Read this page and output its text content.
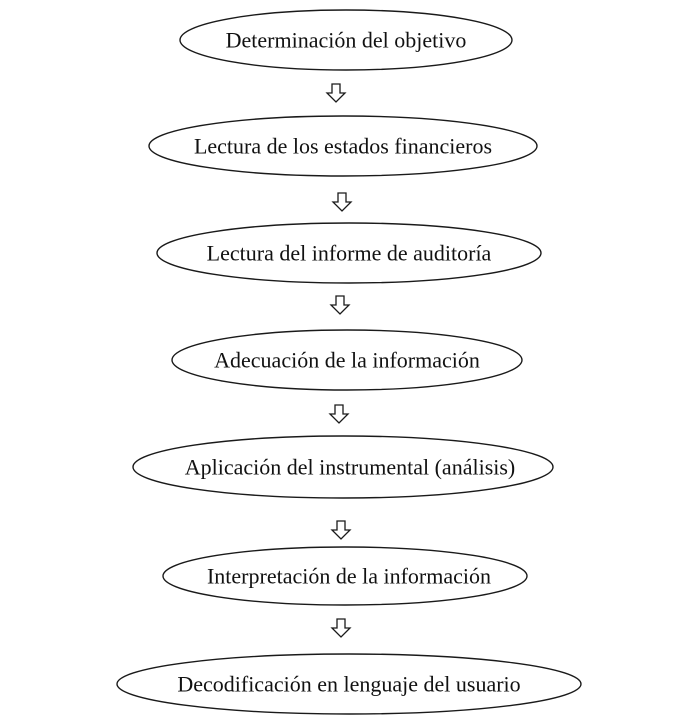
Determinación del objetivo
Lectura de los estados financieros
Lectura del informe de auditoría
Adecuación de la información
Aplicación del instrumental (análisis)
Interpretación de la información
Decodificación en lenguaje del usuario
